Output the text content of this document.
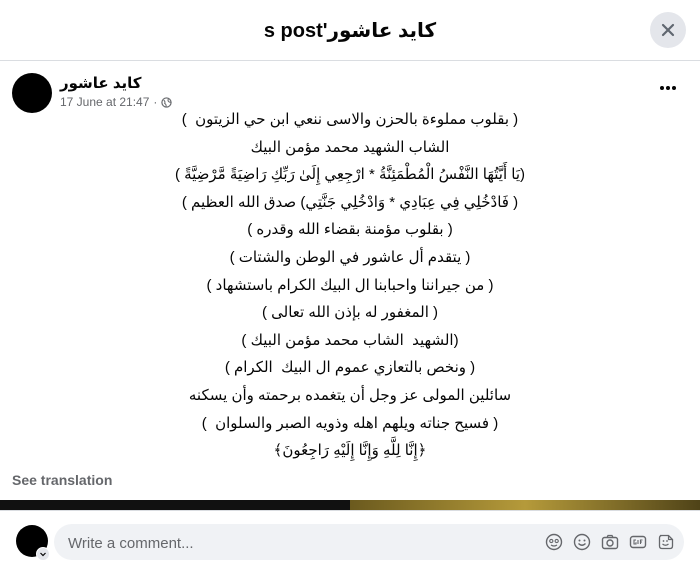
كايد عاشور's post
كايد عاشور
17 June at 21:47 ·

( بقلوب مملوءة بالحزن والاسى ننعي ابن حي الزيتون  )

الشاب الشهيد محمد مؤمن البيك

(يَا أَيَّتُهَا النَّفْسُ الْمُطْمَئِنَّةُ * ارْجِعِي إِلَىٰ رَبِّكِ رَاضِيَةً مَّرْضِيَّةً )

( فَادْخُلِي فِي عِبَادِي * وَادْخُلِي جَنَّتِي) صدق الله العظيم )

( بقلوب مؤمنة بقضاء الله وقدره )

( يتقدم أل عاشور في الوطن والشتات )

( من جيراننا واحبابنا ال البيك الكرام باستشهاد )

( المغفور له بإذن الله تعالى )

(الشهيد  الشاب محمد مؤمن البيك )

( ونخص بالتعازي عموم ال البيك  الكرام )

سائلين المولى عز وجل أن يتغمده برحمته وأن يسكنه

( فسيح جناته ويلهم اهله وذويه الصبر والسلوان  )

﴿إِنَّا لِلَّهِ وَإِنَّا إِلَيْهِ رَاجِعُونَ﴾

See translation
Write a comment...
